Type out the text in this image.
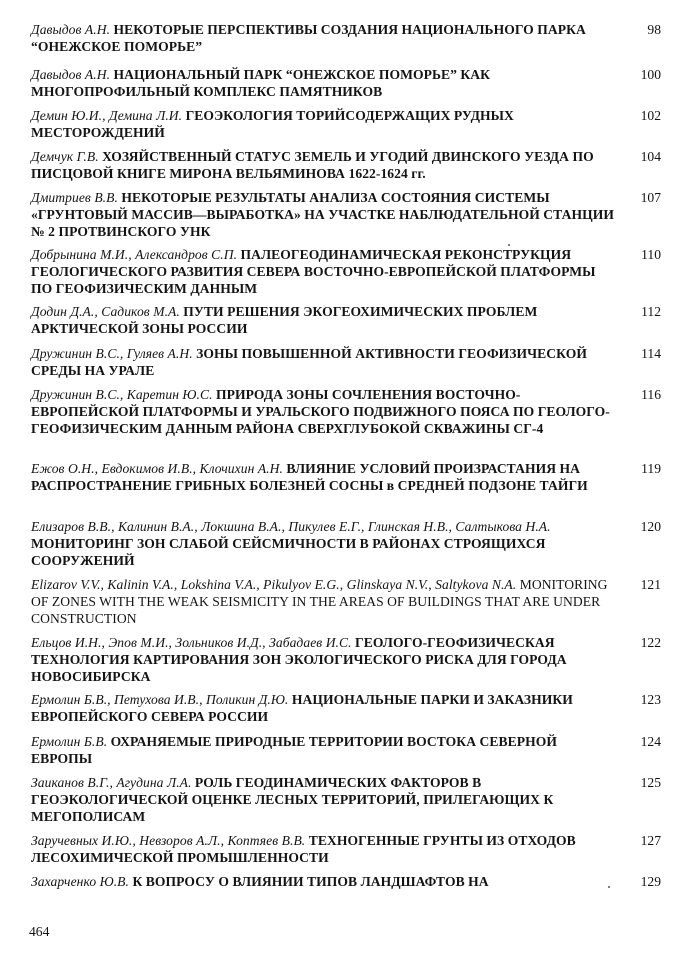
Давыдов А.Н. НЕКОТОРЫЕ ПЕРСПЕКТИВЫ СОЗДАНИЯ НАЦИОНАЛЬНОГО ПАРКА “ОНЕЖСКОЕ ПОМОРЬЕ”
98
Давыдов А.Н. НАЦИОНАЛЬНЫЙ ПАРК “ОНЕЖСКОЕ ПОМОРЬЕ” КАК МНОГОПРОФИЛЬНЫЙ КОМПЛЕКС ПАМЯТНИКОВ
100
Демин Ю.И., Демина Л.И. ГЕОЭКОЛОГИЯ ТОРИЙСОДЕРЖАЩИХ РУДНЫХ МЕСТОРОЖДЕНИЙ
102
Демчук Г.В. ХОЗЯЙСТВЕННЫЙ СТАТУС ЗЕМЕЛЬ И УГОДИЙ ДВИНСКОГО УЕЗДА ПО ПИСЦОВОЙ КНИГЕ МИРОНА ВЕЛЬЯМИНОВА 1622-1624 гг.
104
Дмитриев В.В. НЕКОТОРЫЕ РЕЗУЛЬТАТЫ АНАЛИЗА СОСТОЯНИЯ СИСТЕМЫ «ГРУНТОВЫЙ МАССИВ—ВЫРАБОТКА» НА УЧАСТКЕ НАБЛЮДАТЕЛЬНОЙ СТАНЦИИ № 2 ПРОТВИНСКОГО УНК
107
Добрынина М.И., Александров С.П. ПАЛЕОГЕОДИНАМИЧЕСКАЯ РЕКОНСТРУКЦИЯ ГЕОЛОГИЧЕСКОГО РАЗВИТИЯ СЕВЕРА ВОСТОЧНО-ЕВРОПЕЙСКОЙ ПЛАТФОРМЫ ПО ГЕОФИЗИЧЕСКИМ ДАННЫМ
110
Додин Д.А., Садиков М.А. ПУТИ РЕШЕНИЯ ЭКОГЕОХИМИЧЕСКИХ ПРОБЛЕМ АРКТИЧЕСКОЙ ЗОНЫ РОССИИ
112
Дружинин В.С., Гуляев А.Н. ЗОНЫ ПОВЫШЕННОЙ АКТИВНОСТИ ГЕОФИЗИЧЕСКОЙ СРЕДЫ НА УРАЛЕ
114
Дружинин В.С., Каретин Ю.С. ПРИРОДА ЗОНЫ СОЧЛЕНЕНИЯ ВОСТОЧНО-ЕВРОПЕЙСКОЙ ПЛАТФОРМЫ И УРАЛЬСКОГО ПОДВИЖНОГО ПОЯСА ПО ГЕОЛОГО-ГЕОФИЗИЧЕСКИМ ДАННЫМ РАЙОНА СВЕРХГЛУБОКОЙ СКВАЖИНЫ СГ-4
116
Ежов О.Н., Евдокимов И.В., Клочихин А.Н. ВЛИЯНИЕ УСЛОВИЙ ПРОИЗРАСТАНИЯ НА РАСПРОСТРАНЕНИЕ ГРИБНЫХ БОЛЕЗНЕЙ СОСНЫ в СРЕДНЕЙ ПОДЗОНЕ ТАЙГИ
119
Елизаров В.В., Калинин В.А., Локшина В.А., Пикулев Е.Г., Глинская Н.В., Салтыкова Н.А. МОНИТОРИНГ ЗОН СЛАБОЙ СЕЙСМИЧНОСТИ В РАЙОНАХ СТРОЯЩИХСЯ СООРУЖЕНИЙ
120
Elizarov V.V., Kalinin V.A., Lokshina V.A., Pikulyov E.G., Glinskaya N.V., Saltykova N.A. MONITORING OF ZONES WITH THE WEAK SEISMICITY IN THE AREAS OF BUILDINGS THAT ARE UNDER CONSTRUCTION
121
Ельцов И.Н., Эпов М.И., Зольников И.Д., Забадаев И.С. ГЕОЛОГО-ГЕОФИЗИЧЕСКАЯ ТЕХНОЛОГИЯ КАРТИРОВАНИЯ ЗОН ЭКОЛОГИЧЕСКОГО РИСКА ДЛЯ ГОРОДА НОВОСИБИРСКА
122
Ермолин Б.В., Петухова И.В., Поликин Д.Ю. НАЦИОНАЛЬНЫЕ ПАРКИ И ЗАКАЗНИКИ ЕВРОПЕЙСКОГО СЕВЕРА РОССИИ
123
Ермолин Б.В. ОХРАНЯЕМЫЕ ПРИРОДНЫЕ ТЕРРИТОРИИ ВОСТОКА СЕВЕРНОЙ ЕВРОПЫ
124
Заиканов В.Г., Агудина Л.А. РОЛЬ ГЕОДИНАМИЧЕСКИХ ФАКТОРОВ В ГЕОЭКОЛОГИЧЕСКОЙ ОЦЕНКЕ ЛЕСНЫХ ТЕРРИТОРИЙ, ПРИЛЕГАЮЩИХ К МЕГОПОЛИСАМ
125
Заручевных И.Ю., Невзоров А.Л., Коптяев В.В. ТЕХНОГЕННЫЕ ГРУНТЫ ИЗ ОТХОДОВ ЛЕСОХИМИЧЕСКОЙ ПРОМЫШЛЕННОСТИ
127
Захарченко Ю.В. К ВОПРОСУ О ВЛИЯНИИ ТИПОВ ЛАНДШАФТОВ НА	129
464
